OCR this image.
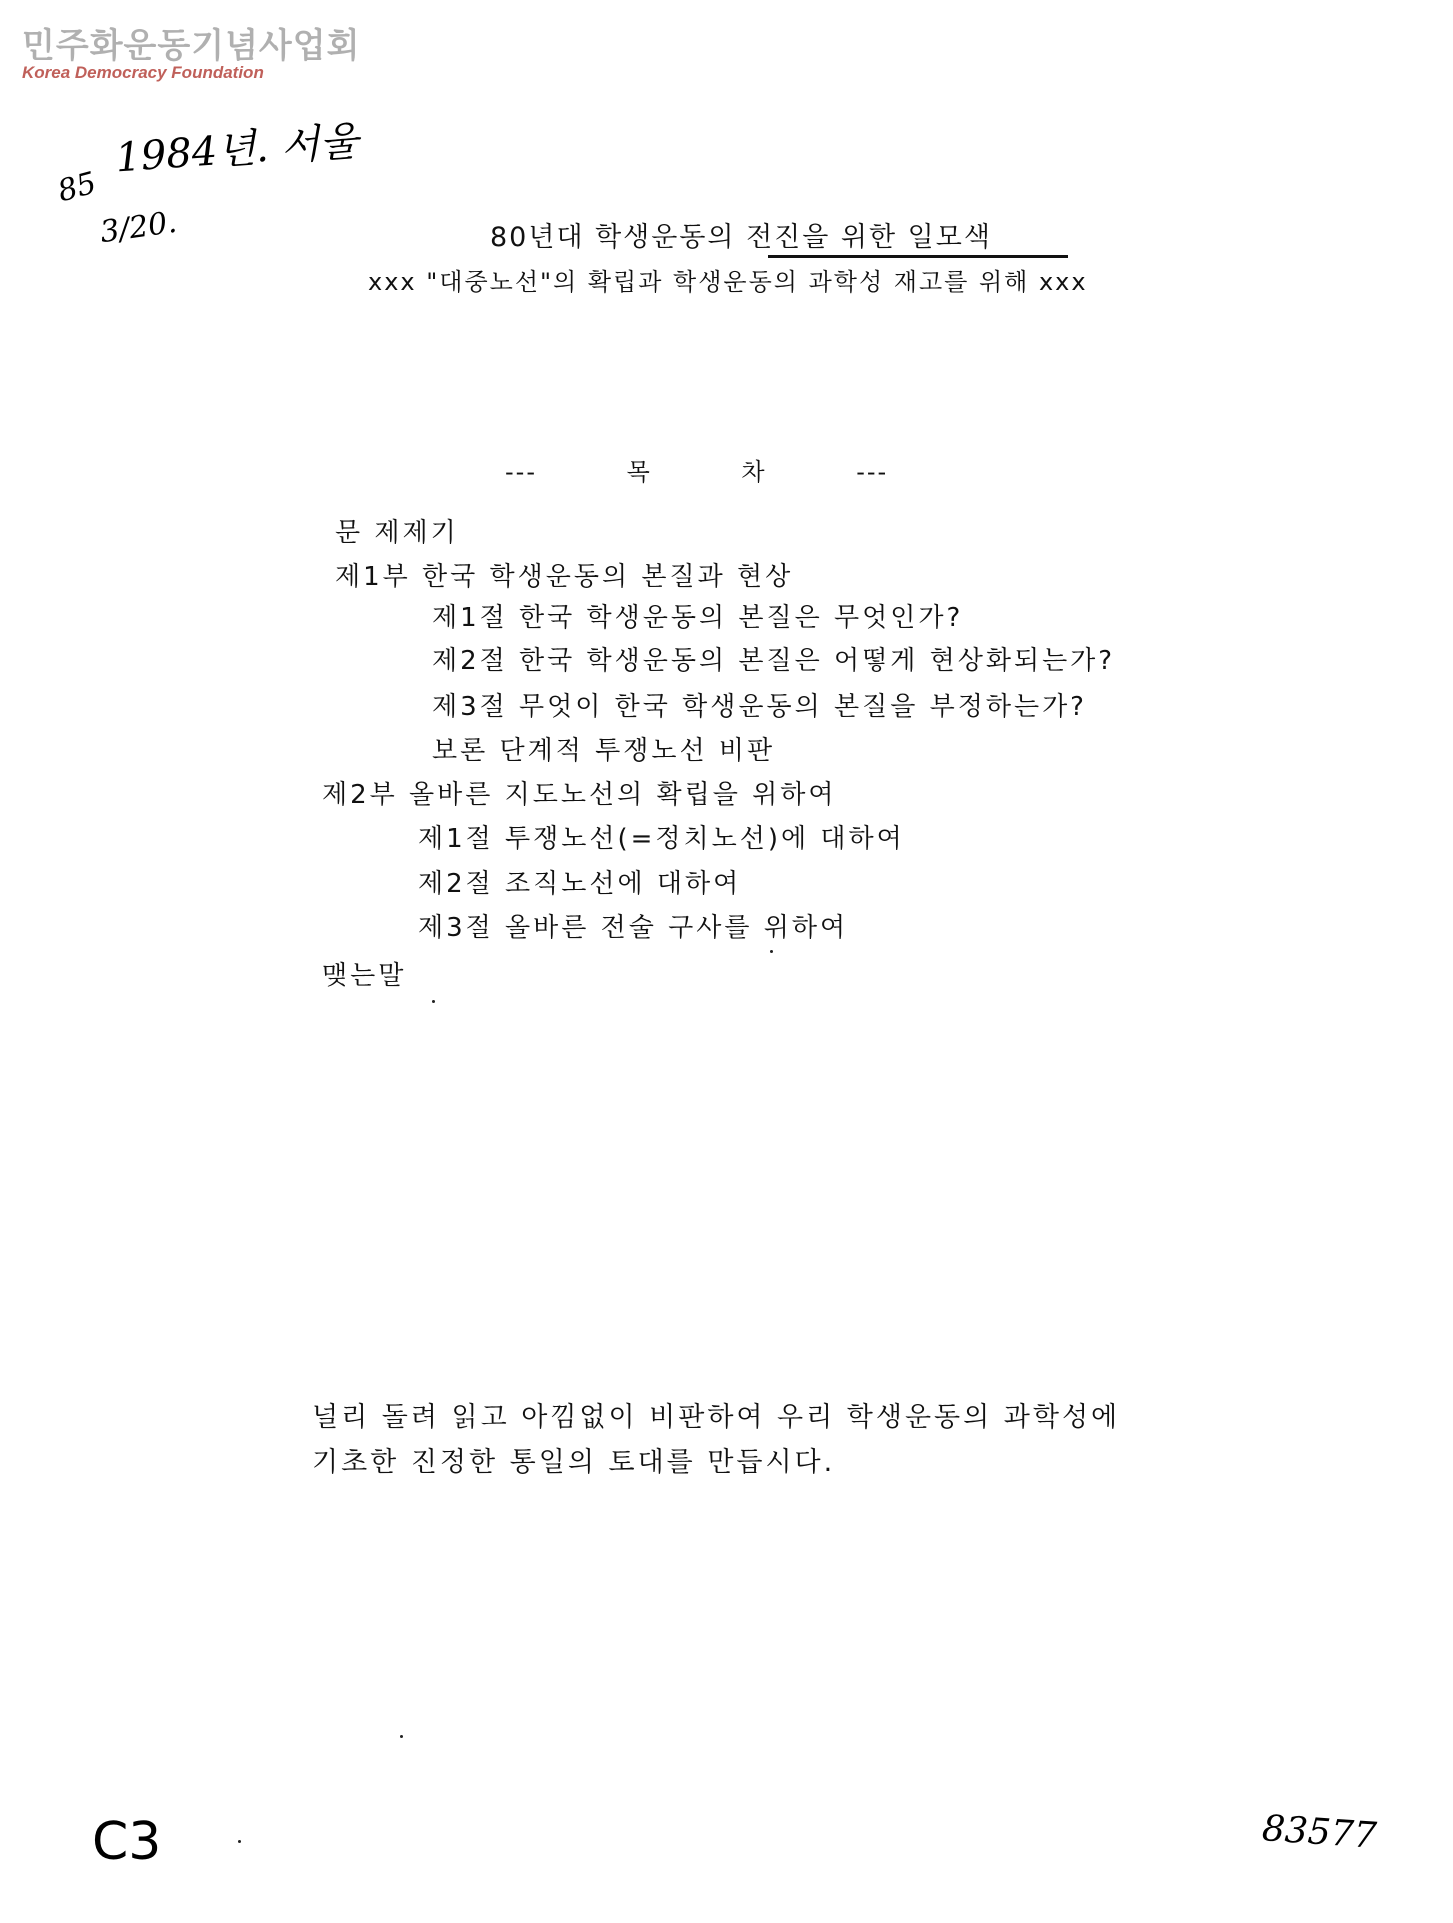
민주화운동기념사업회
Korea Democracy Foundation
1984년. 서울
85
3/20.	80년대 학생운동의 전진을 위한 일모색
xxx "대중노선"의 확립과 학생운동의 과학성 재고를 위해 xxx
--- 목 차 ---
문 제제기
제1부 한국 학생운동의 본질과 현상
제1절 한국 학생운동의 본질은 무엇인가?
제2절 한국 학생운동의 본질은 어떻게 현상화되는가?
제3절 무엇이 한국 학생운동의 본질을 부정하는가?
보론 단계적 투쟁노선 비판
제2부 올바른 지도노선의 확립을 위하여
제1절 투쟁노선(=정치노선)에 대하여
제2절 조직노선에 대하여
제3절 올바른 전술 구사를 위하여
맺는말
널리 돌려 읽고 아낌없이 비판하여 우리 학생운동의 과학성에
기초한 진정한 통일의 토대를 만듭시다.
C3	83577
